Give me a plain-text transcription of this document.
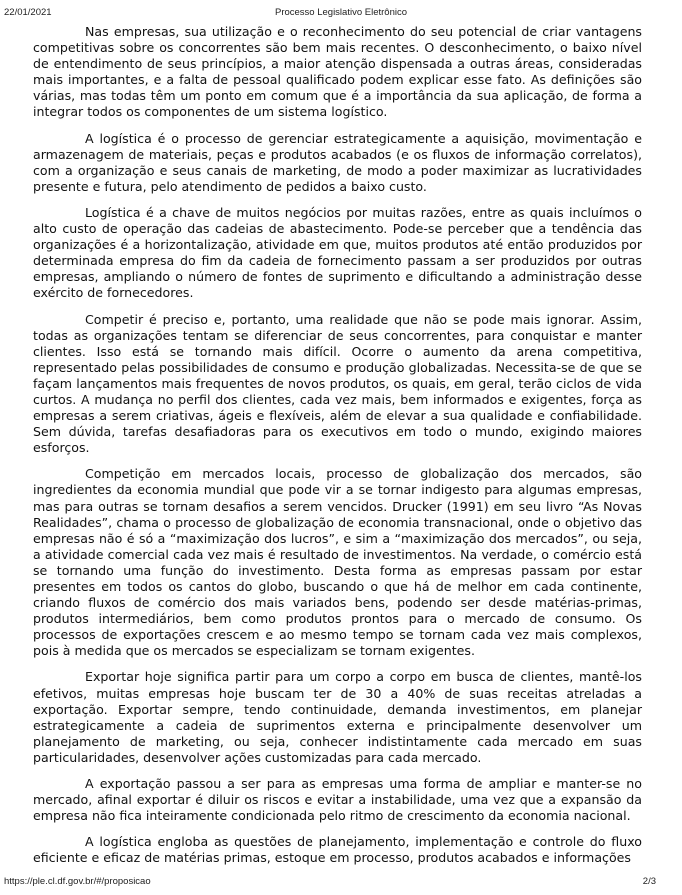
22/01/2021	Processo Legislativo Eletrônico

Nas empresas, sua utilização e o reconhecimento do seu potencial de criar vantagens competitivas sobre os concorrentes são bem mais recentes. O desconhecimento, o baixo nível de entendimento de seus princípios, a maior atenção dispensada a outras áreas, consideradas mais importantes, e a falta de pessoal qualificado podem explicar esse fato. As definições são várias, mas todas têm um ponto em comum que é a importância da sua aplicação, de forma a integrar todos os componentes de um sistema logístico.

A logística é o processo de gerenciar estrategicamente a aquisição, movimentação e armazenagem de materiais, peças e produtos acabados (e os fluxos de informação correlatos), com a organização e seus canais de marketing, de modo a poder maximizar as lucratividades presente e futura, pelo atendimento de pedidos a baixo custo.

Logística é a chave de muitos negócios por muitas razões, entre as quais incluímos o alto custo de operação das cadeias de abastecimento. Pode-se perceber que a tendência das organizações é a horizontalização, atividade em que, muitos produtos até então produzidos por determinada empresa do fim da cadeia de fornecimento passam a ser produzidos por outras empresas, ampliando o número de fontes de suprimento e dificultando a administração desse exército de fornecedores.

Competir é preciso e, portanto, uma realidade que não se pode mais ignorar. Assim, todas as organizações tentam se diferenciar de seus concorrentes, para conquistar e manter clientes. Isso está se tornando mais difícil. Ocorre o aumento da arena competitiva, representado pelas possibilidades de consumo e produção globalizadas. Necessita-se de que se façam lançamentos mais frequentes de novos produtos, os quais, em geral, terão ciclos de vida curtos. A mudança no perfil dos clientes, cada vez mais, bem informados e exigentes, força as empresas a serem criativas, ágeis e flexíveis, além de elevar a sua qualidade e confiabilidade. Sem dúvida, tarefas desafiadoras para os executivos em todo o mundo, exigindo maiores esforços.

Competição em mercados locais, processo de globalização dos mercados, são ingredientes da economia mundial que pode vir a se tornar indigesto para algumas empresas, mas para outras se tornam desafios a serem vencidos. Drucker (1991) em seu livro “As Novas Realidades”, chama o processo de globalização de economia transnacional, onde o objetivo das empresas não é só a “maximização dos lucros”, e sim a “maximização dos mercados”, ou seja, a atividade comercial cada vez mais é resultado de investimentos. Na verdade, o comércio está se tornando uma função do investimento. Desta forma as empresas passam por estar presentes em todos os cantos do globo, buscando o que há de melhor em cada continente, criando fluxos de comércio dos mais variados bens, podendo ser desde matérias-primas, produtos intermediários, bem como produtos prontos para o mercado de consumo. Os processos de exportações crescem e ao mesmo tempo se tornam cada vez mais complexos, pois à medida que os mercados se especializam se tornam exigentes.

Exportar hoje significa partir para um corpo a corpo em busca de clientes, mantê-los efetivos, muitas empresas hoje buscam ter de 30 a 40% de suas receitas atreladas a exportação. Exportar sempre, tendo continuidade, demanda investimentos, em planejar estrategicamente a cadeia de suprimentos externa e principalmente desenvolver um planejamento de marketing, ou seja, conhecer indistintamente cada mercado em suas particularidades, desenvolver ações customizadas para cada mercado.

A exportação passou a ser para as empresas uma forma de ampliar e manter-se no mercado, afinal exportar é diluir os riscos e evitar a instabilidade, uma vez que a expansão da empresa não fica inteiramente condicionada pelo ritmo de crescimento da economia nacional.

A logística engloba as questões de planejamento, implementação e controle do fluxo eficiente e eficaz de matérias primas, estoque em processo, produtos acabados e informações

https://ple.cl.df.gov.br/#/proposicao	2/3
